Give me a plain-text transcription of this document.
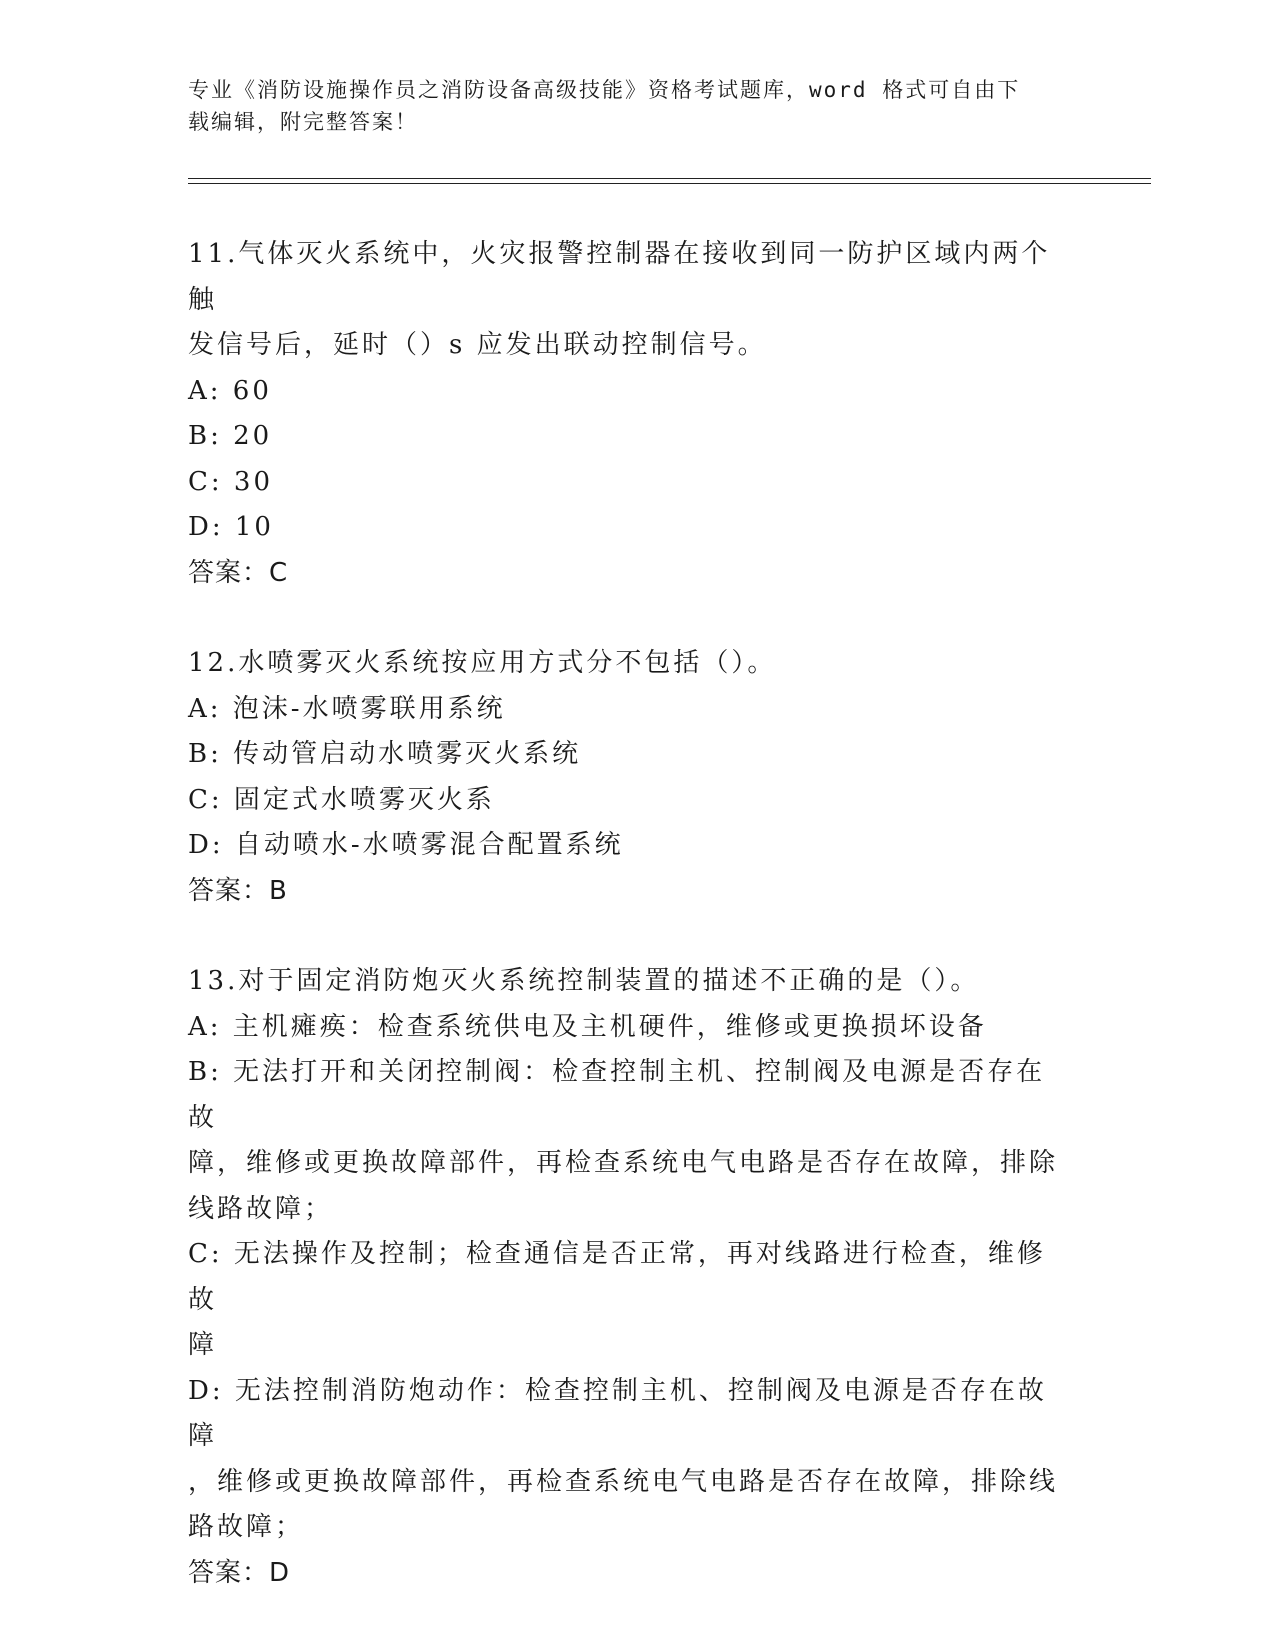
专业《消防设施操作员之消防设备高级技能》资格考试题库，word 格式可自由下
载编辑，附完整答案！
11.气体灭火系统中，火灾报警控制器在接收到同一防护区域内两个触
发信号后，延时（）s 应发出联动控制信号。
A: 60
B: 20
C: 30
D: 10
答案：C
12.水喷雾灭火系统按应用方式分不包括（）。
A: 泡沫-水喷雾联用系统
B: 传动管启动水喷雾灭火系统
C: 固定式水喷雾灭火系
D: 自动喷水-水喷雾混合配置系统
答案：B
13.对于固定消防炮灭火系统控制装置的描述不正确的是（）。
A: 主机瘫痪：检查系统供电及主机硬件，维修或更换损坏设备
B: 无法打开和关闭控制阀：检查控制主机、控制阀及电源是否存在故
障，维修或更换故障部件，再检查系统电气电路是否存在故障，排除
线路故障；
C: 无法操作及控制；检查通信是否正常，再对线路进行检查，维修故
障
D: 无法控制消防炮动作：检查控制主机、控制阀及电源是否存在故障
，维修或更换故障部件，再检查系统电气电路是否存在故障，排除线
路故障；
答案：D
